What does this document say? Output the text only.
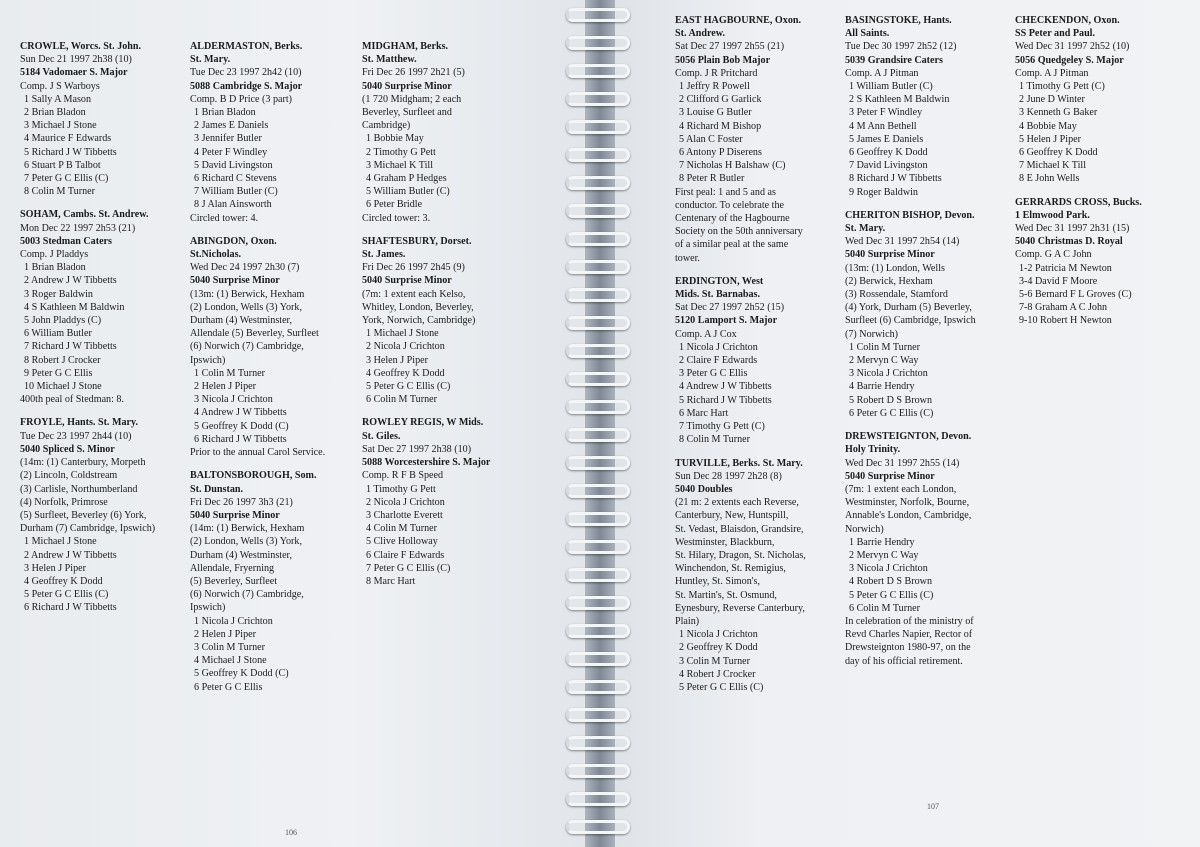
CROWLE, Worcs. St. John.
Sun Dec 21 1997 2h38 (10)
5184 Vadomaer S. Major
Comp. J S Warboys
1 Sally A Mason
2 Brian Bladon
3 Michael J Stone
4 Maurice F Edwards
5 Richard J W Tibbetts
6 Stuart P B Talbot
7 Peter G C Ellis (C)
8 Colin M Turner
SOHAM, Cambs. St. Andrew.
Mon Dec 22 1997 2h53 (21)
5003 Stedman Caters
Comp. J Pladdys
1 Brian Bladon
2 Andrew J W Tibbetts
3 Roger Baldwin
4 S Kathleen M Baldwin
5 John Pladdys (C)
6 William Butler
7 Richard J W Tibbetts
8 Robert J Crocker
9 Peter G C Ellis
10 Michael J Stone
400th peal of Stedman: 8.
FROYLE, Hants. St. Mary.
Tue Dec 23 1997 2h44 (10)
5040 Spliced S. Minor
(14m: (1) Canterbury, Morpeth
(2) Lincoln, Coldstream
(3) Carlisle, Northumberland
(4) Norfolk, Primrose
(5) Surfleet, Beverley (6) York,
Durham (7) Cambridge, Ipswich)
1 Michael J Stone
2 Andrew J W Tibbetts
3 Helen J Piper
4 Geoffrey K Dodd
5 Peter G C Ellis (C)
6 Richard J W Tibbetts
ALDERMASTON, Berks.
St. Mary.
Tue Dec 23 1997 2h42 (10)
5088 Cambridge S. Major
Comp. B D Price (3 part)
1 Brian Bladon
2 James E Daniels
3 Jennifer Butler
4 Peter F Windley
5 David Livingston
6 Richard C Stevens
7 William Butler (C)
8 J Alan Ainsworth
Circled tower: 4.
ABINGDON, Oxon.
St.Nicholas.
Wed Dec 24 1997 2h30 (7)
5040 Surprise Minor
(13m: (1) Berwick, Hexham
(2) London, Wells (3) York,
Durham (4) Westminster,
Allendale (5) Beverley, Surfleet
(6) Norwich (7) Cambridge,
Ipswich)
1 Colin M Turner
2 Helen J Piper
3 Nicola J Crichton
4 Andrew J W Tibbetts
5 Geoffrey K Dodd (C)
6 Richard J W Tibbetts
Prior to the annual Carol Service.
BALTONSBOROUGH, Som.
St. Dunstan.
Fri Dec 26 1997 3h3 (21)
5040 Surprise Minor
(14m: (1) Berwick, Hexham
(2) London, Wells (3) York,
Durham (4) Westminster,
Allendale, Fryerning
(5) Beverley, Surfleet
(6) Norwich (7) Cambridge,
Ipswich)
1 Nicola J Crichton
2 Helen J Piper
3 Colin M Turner
4 Michael J Stone
5 Geoffrey K Dodd (C)
6 Peter G C Ellis
MIDGHAM, Berks.
St. Matthew.
Fri Dec 26 1997 2h21 (5)
5040 Surprise Minor
(1 720 Midgham; 2 each
Beverley, Surfleet and
Cambridge)
1 Bobbie May
2 Timothy G Pett
3 Michael K Till
4 Graham P Hedges
5 William Butler (C)
6 Peter Bridle
Circled tower: 3.
SHAFTESBURY, Dorset.
St. James.
Fri Dec 26 1997 2h45 (9)
5040 Surprise Minor
(7m: 1 extent each Kelso,
Whitley, London, Beverley,
York, Norwich, Cambridge)
1 Michael J Stone
2 Nicola J Crichton
3 Helen J Piper
4 Geoffrey K Dodd
5 Peter G C Ellis (C)
6 Colin M Turner
ROWLEY REGIS, W Mids.
St. Giles.
Sat Dec 27 1997 2h38 (10)
5088 Worcestershire S. Major
Comp. R F B Speed
1 Timothy G Pett
2 Nicola J Crichton
3 Charlotte Everett
4 Colin M Turner
5 Clive Holloway
6 Claire F Edwards
7 Peter G C Ellis (C)
8 Marc Hart
106
EAST HAGBOURNE, Oxon.
St. Andrew.
Sat Dec 27 1997 2h55 (21)
5056 Plain Bob Major
Comp. J R Pritchard
1 Jeffry R Powell
2 Clifford G Garlick
3 Louise G Butler
4 Richard M Bishop
5 Alan C Foster
6 Antony P Diserens
7 Nicholas H Balshaw (C)
8 Peter R Butler
First peal: 1 and 5 and as
conductor. To celebrate the
Centenary of the Hagbourne
Society on the 50th anniversary
of a similar peal at the same
tower.
ERDINGTON, West
Mids. St. Barnabas.
Sat Dec 27 1997 2h52 (15)
5120 Lamport S. Major
Comp. A J Cox
1 Nicola J Crichton
2 Claire F Edwards
3 Peter G C Ellis
4 Andrew J W Tibbetts
5 Richard J W Tibbetts
6 Marc Hart
7 Timothy G Pett (C)
8 Colin M Turner
TURVILLE, Berks. St. Mary.
Sun Dec 28 1997 2h28 (8)
5040 Doubles
(21 m: 2 extents each Reverse,
Canterbury, New, Huntspill,
St. Vedast, Blaisdon, Grandsire,
Westminster, Blackburn,
St. Hilary, Dragon, St. Nicholas,
Winchendon, St. Remigius,
Huntley, St. Simon's,
St. Martin's, St. Osmund,
Eynesbury, Reverse Canterbury,
Plain)
1 Nicola J Crichton
2 Geoffrey K Dodd
3 Colin M Turner
4 Robert J Crocker
5 Peter G C Ellis (C)
BASINGSTOKE, Hants.
All Saints.
Tue Dec 30 1997 2h52 (12)
5039 Grandsire Caters
Comp. A J Pitman
1 William Butler (C)
2 S Kathleen M Baldwin
3 Peter F Windley
4 M Ann Bethell
5 James E Daniels
6 Geoffrey K Dodd
7 David Livingston
8 Richard J W Tibbetts
9 Roger Baldwin
CHERITON BISHOP, Devon.
St. Mary.
Wed Dec 31 1997 2h54 (14)
5040 Surprise Minor
(13m: (1) London, Wells
(2) Berwick, Hexham
(3) Rossendale, Stamford
(4) York, Durham (5) Beverley,
Surfleet (6) Cambridge, Ipswich
(7) Norwich)
1 Colin M Turner
2 Mervyn C Way
3 Nicola J Crichton
4 Barrie Hendry
5 Robert D S Brown
6 Peter G C Ellis (C)
DREWSTEIGNTON, Devon.
Holy Trinity.
Wed Dec 31 1997 2h55 (14)
5040 Surprise Minor
(7m: 1 extent each London,
Westminster, Norfolk, Bourne,
Annable's London, Cambridge,
Norwich)
1 Barrie Hendry
2 Mervyn C Way
3 Nicola J Crichton
4 Robert D S Brown
5 Peter G C Ellis (C)
6 Colin M Turner
In celebration of the ministry of
Revd Charles Napier, Rector of
Drewsteignton 1980-97, on the
day of his official retirement.
CHECKENDON, Oxon.
SS Peter and Paul.
Wed Dec 31 1997 2h52 (10)
5056 Quedgeley S. Major
Comp. A J Pitman
1 Timothy G Pett (C)
2 June D Winter
3 Kenneth G Baker
4 Bobbie May
5 Helen J Piper
6 Geoffrey K Dodd
7 Michael K Till
8 E John Wells
GERRARDS CROSS, Bucks.
1 Elmwood Park.
Wed Dec 31 1997 2h31 (15)
5040 Christmas D. Royal
Comp. G A C John
1-2 Patricia M Newton
3-4 David F Moore
5-6 Bernard F L Groves (C)
7-8 Graham A C John
9-10 Robert H Newton
107
